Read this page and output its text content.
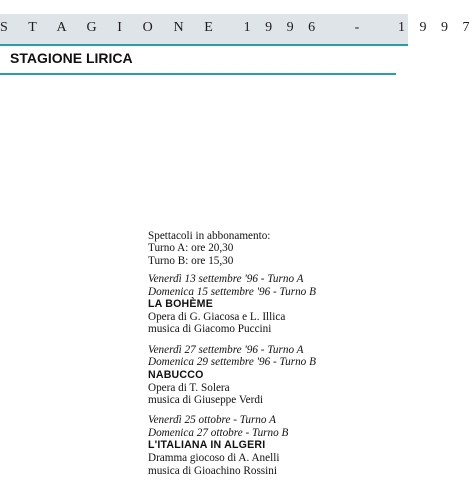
S T A G I O N E 1 9 9 6 - 1 9 9 7
STAGIONE LIRICA
Spettacoli in abbonamento:
Turno A: ore 20,30
Turno B: ore 15,30
Venerdì 13 settembre '96 - Turno A
Domenica 15 settembre '96 - Turno B
LA BOHÈME
Opera di G. Giacosa e L. Illica
musica di Giacomo Puccini
Venerdì 27 settembre '96 - Turno A
Domenica 29 settembre '96 - Turno B
NABUCCO
Opera di T. Solera
musica di Giuseppe Verdi
Venerdì 25 ottobre - Turno A
Domenica 27 ottobre - Turno B
L'ITALIANA IN ALGERI
Dramma giocoso di A. Anelli
musica di Gioachino Rossini
